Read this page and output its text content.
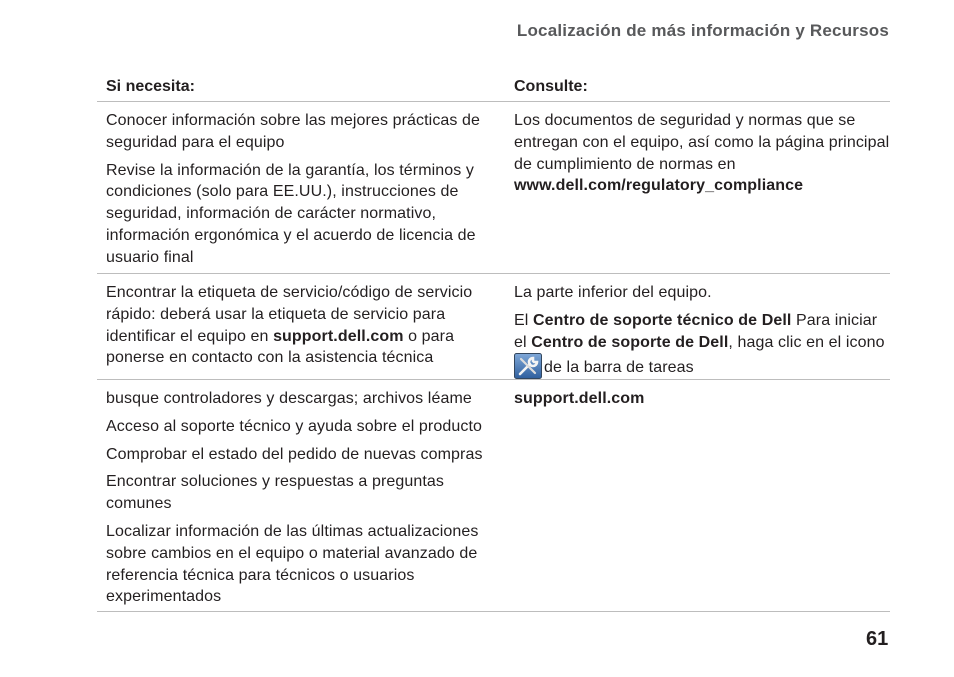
Localización de más información y Recursos
Si necesita:	Consulte:

Conocer información sobre las mejores prácticas de seguridad para el equipo

Revise la información de la garantía, los términos y condiciones (solo para EE.UU.), instrucciones de seguridad, información de carácter normativo, información ergonómica y el acuerdo de licencia de usuario final

Los documentos de seguridad y normas que se entregan con el equipo, así como la página principal de cumplimiento de normas en www.dell.com/regulatory_compliance

Encontrar la etiqueta de servicio/código de servicio rápido: deberá usar la etiqueta de servicio para identificar el equipo en support.dell.com o para ponerse en contacto con la asistencia técnica

La parte inferior del equipo.

El Centro de soporte técnico de Dell Para iniciar el Centro de soporte de Dell, haga clic en el icono de la barra de tareas

busque controladores y descargas; archivos léame

Acceso al soporte técnico y ayuda sobre el producto

Comprobar el estado del pedido de nuevas compras

Encontrar soluciones y respuestas a preguntas comunes

Localizar información de las últimas actualizaciones sobre cambios en el equipo o material avanzado de referencia técnica para técnicos o usuarios experimentados

support.dell.com

61
